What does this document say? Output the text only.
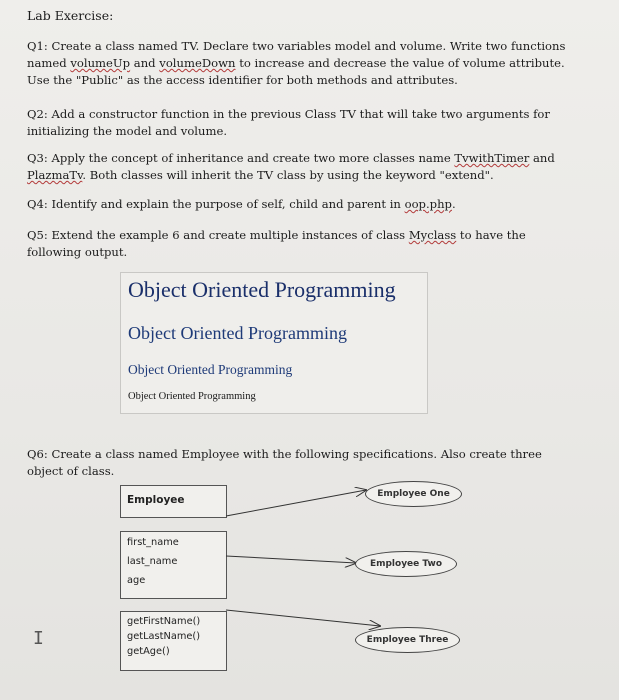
Lab Exercise:
Q1: Create a class named TV. Declare two variables model and volume. Write two functions named volumeUp and volumeDown to increase and decrease the value of volume attribute. Use the "Public" as the access identifier for both methods and attributes.
Q2: Add a constructor function in the previous Class TV that will take two arguments for initializing the model and volume.
Q3: Apply the concept of inheritance and create two more classes name TvwithTimer and PlazmaTv. Both classes will inherit the TV class by using the keyword "extend".
Q4: Identify and explain the purpose of self, child and parent in oop.php.
Q5: Extend the example 6 and create multiple instances of class Myclass to have the following output.
Object Oriented Programming
Object Oriented Programming
Object Oriented Programming
Object Oriented Programming
Q6: Create a class named Employee with the following specifications. Also create three object of class.
Employee
first_name
last_name
age
getFirstName()
getLastName()
getAge()
Employee One
Employee Two
Employee Three
I
